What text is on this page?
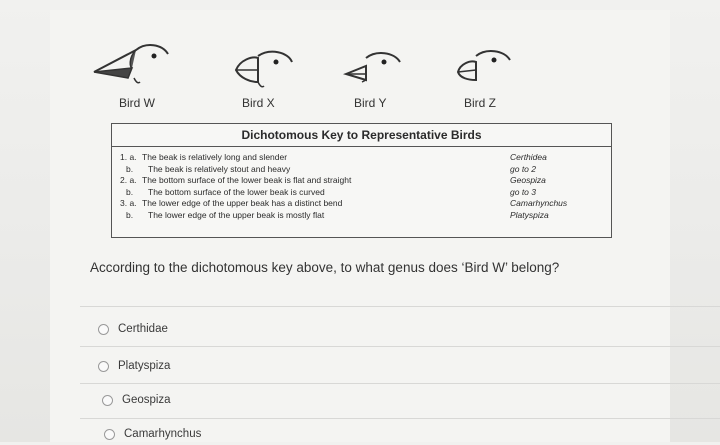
Bird W	Bird X	Bird Y	Bird Z
Dichotomous Key to Representative Birds
1. a. The beak is relatively long and slender	Certhidea
b. The beak is relatively stout and heavy	go to 2
2. a. The bottom surface of the lower beak is flat and straight	Geospiza
b. The bottom surface of the lower beak is curved	go to 3
3. a. The lower edge of the upper beak has a distinct bend	Camarhynchus
b. The lower edge of the upper beak is mostly flat	Platyspiza
According to the dichotomous key above, to what genus does ‘Bird W’ belong?
Certhidae
Platyspiza
Geospiza
Camarhynchus
